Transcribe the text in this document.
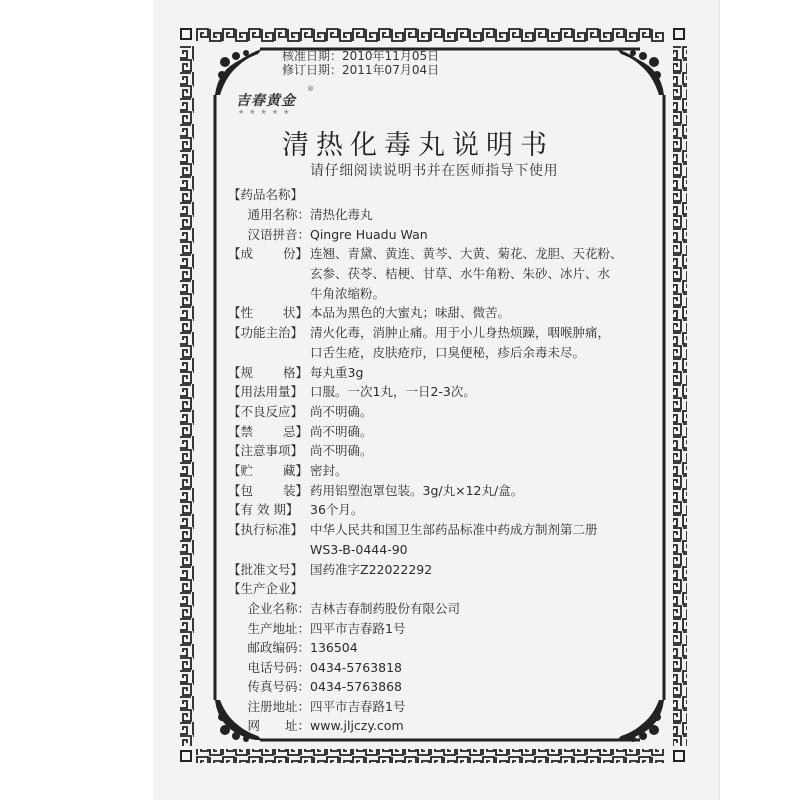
核准日期：2010年11月05日
修订日期：2011年07月04日
吉春黄金
®
★★★★★
清热化毒丸说明书
请仔细阅读说明书并在医师指导下使用
【药品名称】
通用名称： 清热化毒丸
汉语拼音： Qingre Huadu Wan
【成 份】 连翘、青黛、黄连、黄芩、大黄、菊花、龙胆、天花粉、
玄参、茯苓、桔梗、甘草、水牛角粉、朱砂、冰片、水
牛角浓缩粉。
【性 状】 本品为黑色的大蜜丸；味甜、微苦。
【功能主治】 清火化毒，消肿止痛。用于小儿身热烦躁，咽喉肿痛，
口舌生疮，皮肤疮疖，口臭便秘，疹后余毒未尽。
【规 格】 每丸重3g
【用法用量】 口服。一次1丸，一日2-3次。
【不良反应】 尚不明确。
【禁 忌】 尚不明确。
【注意事项】 尚不明确。
【贮 藏】 密封。
【包 装】 药用铝塑泡罩包装。3g/丸×12丸/盒。
【有 效 期】 36个月。
【执行标准】 中华人民共和国卫生部药品标准中药成方制剂第二册
WS3-B-0444-90
【批准文号】 国药准字Z22022292
【生产企业】
企业名称： 吉林吉春制药股份有限公司
生产地址： 四平市吉春路1号
邮政编码： 136504
电话号码： 0434-5763818
传真号码： 0434-5763868
注册地址： 四平市吉春路1号
网　　址： www.jljczy.com
